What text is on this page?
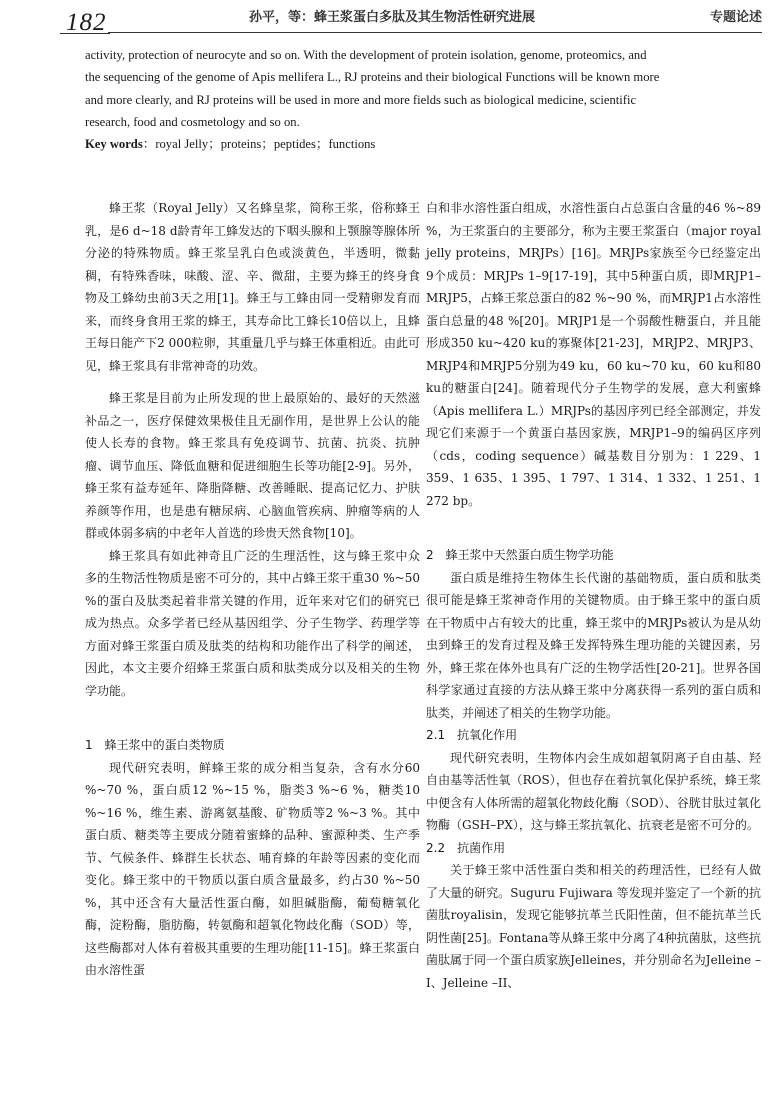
182	孙平，等：蜂王浆蛋白多肽及其生物活性研究进展	专题论述
activity, protection of neurocyte and so on. With the development of protein isolation, genome, proteomics, and
the sequencing of the genome of Apis mellifera L., RJ proteins and their biological Functions will be known more
and more clearly, and RJ proteins will be used in more and more fields such as biological medicine, scientific
research, food and cosmetology and so on.
Key words：royal Jelly；proteins；peptides；functions

蜂王浆（Royal Jelly）又名蜂皇浆，简称王浆，俗称蜂王乳，是6 d~18 d龄青年工蜂发达的下咽头腺和上颚腺等腺体所分泌的特殊物质。蜂王浆呈乳白色或淡黄色，半透明，微黏稠，有特殊香味，味酸、涩、辛、微甜，主要为蜂王的终身食物及工蜂幼虫前3天之用[1]。蜂王与工蜂由同一受精卵发育而来，而终身食用王浆的蜂王，其寿命比工蜂长10倍以上，且蜂王每日能产下2 000粒卵，其重量几乎与蜂王体重相近。由此可见，蜂王浆具有非常神奇的功效。

蜂王浆是目前为止所发现的世上最原始的、最好的天然滋补品之一，医疗保健效果极佳且无副作用，是世界上公认的能使人长寿的食物。蜂王浆具有免疫调节、抗菌、抗炎、抗肿瘤、调节血压、降低血糖和促进细胞生长等功能[2-9]。另外，蜂王浆有益寿延年、降脂降糖、改善睡眠、提高记忆力、护肤养颜等作用，也是患有糖尿病、心脑血管疾病、肿瘤等病的人群或体弱多病的中老年人首选的珍贵天然食物[10]。

蜂王浆具有如此神奇且广泛的生理活性，这与蜂王浆中众多的生物活性物质是密不可分的，其中占蜂王浆干重30 %~50 %的蛋白及肽类起着非常关键的作用，近年来对它们的研究已成为热点。众多学者已经从基因组学、分子生物学、药理学等方面对蜂王浆蛋白质及肽类的结构和功能作出了科学的阐述，因此，本文主要介绍蜂王浆蛋白质和肽类成分以及相关的生物学功能。

1　蜂王浆中的蛋白类物质

现代研究表明，鲜蜂王浆的成分相当复杂，含有水分60 %~70 %，蛋白质12 %~15 %，脂类3 %~6 %，糖类10 %~16 %，维生素、游离氨基酸、矿物质等2 %~3 %。其中蛋白质、糖类等主要成分随着蜜蜂的品种、蜜源种类、生产季节、气候条件、蜂群生长状态、哺育蜂的年龄等因素的变化而变化。蜂王浆中的干物质以蛋白质含量最多，约占30 %~50 %，其中还含有大量活性蛋白酶，如胆碱脂酶，葡萄糖氧化酶，淀粉酶，脂肪酶，转氨酶和超氧化物歧化酶（SOD）等，这些酶都对人体有着极其重要的生理功能[11-15]。蜂王浆蛋白由水溶性蛋

白和非水溶性蛋白组成，水溶性蛋白占总蛋白含量的46 %~89 %，为王浆蛋白的主要部分，称为主要王浆蛋白（major royal jelly proteins，MRJPs）[16]。MRJPs家族至今已经鉴定出9个成员：MRJPs 1–9[17-19]，其中5种蛋白质，即MRJP1–MRJP5，占蜂王浆总蛋白的82 %~90 %，而MRJP1占水溶性蛋白总量的48 %[20]。MRJP1是一个弱酸性糖蛋白，并且能形成350 ku~420 ku的寡聚体[21-23]，MRJP2、MRJP3、MRJP4和MRJP5分别为49 ku，60 ku~70 ku，60 ku和80 ku的糖蛋白[24]。随着现代分子生物学的发展，意大利蜜蜂（Apis mellifera L.）MRJPs的基因序列已经全部测定，并发现它们来源于一个黄蛋白基因家族，MRJP1–9的编码区序列（cds，coding sequence）碱基数目分别为：1 229、1 359、1 635、1 395、1 797、1 314、1 332、1 251、1 272 bp。

2　蜂王浆中天然蛋白质生物学功能

蛋白质是维持生物体生长代谢的基础物质，蛋白质和肽类很可能是蜂王浆神奇作用的关键物质。由于蜂王浆中的蛋白质在干物质中占有较大的比重，蜂王浆中的MRJPs被认为是从幼虫到蜂王的发育过程及蜂王发挥特殊生理功能的关键因素，另外，蜂王浆在体外也具有广泛的生物学活性[20-21]。世界各国科学家通过直接的方法从蜂王浆中分离获得一系列的蛋白质和肽类，并阐述了相关的生物学功能。

2.1　抗氧化作用

现代研究表明，生物体内会生成如超氧阴离子自由基、羟自由基等活性氧（ROS），但也存在着抗氧化保护系统，蜂王浆中便含有人体所需的超氧化物歧化酶（SOD）、谷胱甘肽过氧化物酶（GSH–PX），这与蜂王浆抗氧化、抗衰老是密不可分的。

2.2　抗菌作用

关于蜂王浆中活性蛋白类和相关的药理活性，已经有人做了大量的研究。Suguru Fujiwara 等发现并鉴定了一个新的抗菌肽royalisin，发现它能够抗革兰氏阳性菌，但不能抗革兰氏阴性菌[25]。Fontana等从蜂王浆中分离了4种抗菌肽，这些抗菌肽属于同一个蛋白质家族Jelleines，并分别命名为Jelleine –I、Jelleine –II、
